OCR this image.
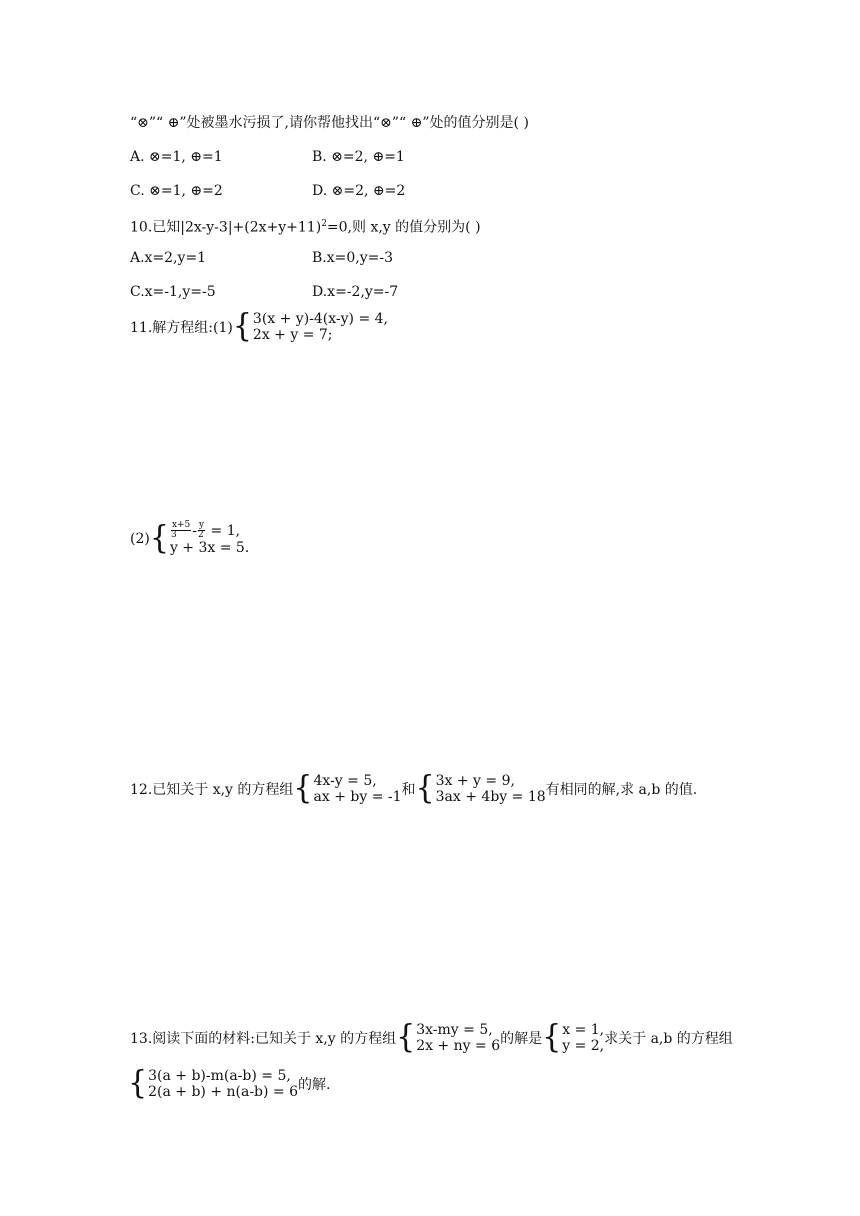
“⊗”“ ⊕”处被墨水污损了,请你帮他找出“⊗”“ ⊕”处的值分别是( )
A. ⊗=1, ⊕=1	B. ⊗=2, ⊕=1
C. ⊗=1, ⊕=2	D. ⊗=2, ⊕=2
10.已知$|2x-y-3|+(2x+y+11)^2=0$,则 x,y 的值分别为( )
A.x=2,y=1	B.x=0,y=-3
C.x=-1,y=-5	D.x=-2,y=-7
11.解方程组:(1) { 3(x + y)-4(x-y) = 4,
2x + y = 7;
(2) { $\frac{x+5}{3} - \frac{y}{2} = 1$,
y + 3x = 5.
12.已知关于 x,y 的方程组 { 4x-y = 5,
ax + by = -1 和 { 3x + y = 9,
3ax + 4by = 18 有相同的解,求 a,b 的值.
13.阅读下面的材料:已知关于 x,y 的方程组 { 3x-my = 5,
2x + ny = 6 的解是 { x = 1,
y = 2, 求关于 a,b 的方程组
{ 3(a + b)-m(a-b) = 5,
2(a + b) + n(a-b) = 6 的解.
